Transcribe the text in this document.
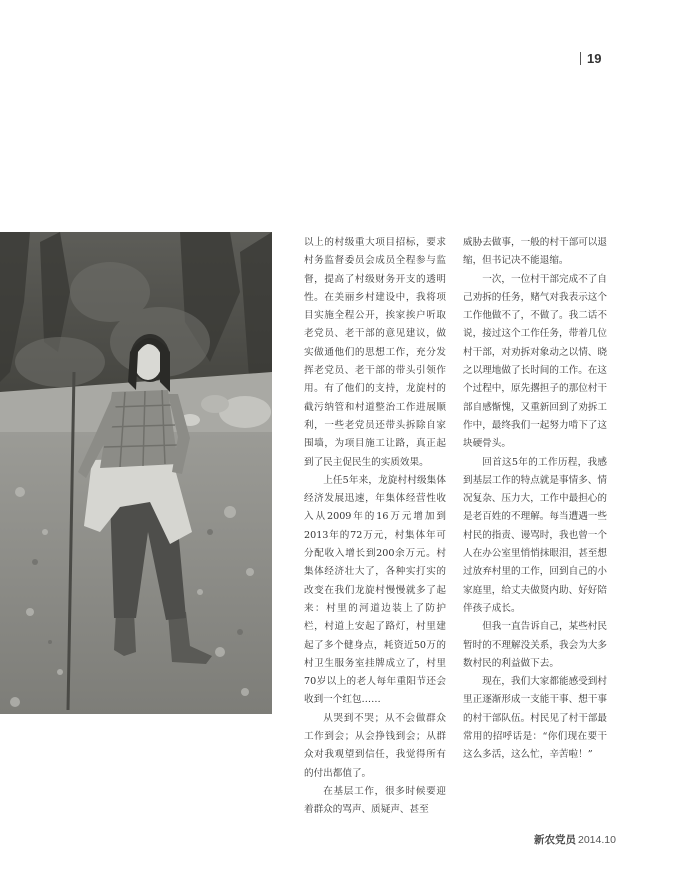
19

以上的村级重大项目招标，要求村务监督委员会成员全程参与监督，提高了村级财务开支的透明性。在美丽乡村建设中，我将项目实施全程公开，挨家挨户听取老党员、老干部的意见建议，做实做通他们的思想工作，充分发挥老党员、老干部的带头引领作用。有了他们的支持，龙旋村的截污纳管和村道整治工作进展顺利，一些老党员还带头拆除自家围墙，为项目施工让路，真正起到了民主促民生的实质效果。

上任5年来，龙旋村村级集体经济发展迅速，年集体经营性收入从2009年的16万元增加到2013年的72万元，村集体年可分配收入增长到200余万元。村集体经济壮大了，各种实打实的改变在我们龙旋村慢慢就多了起来：村里的河道边装上了防护栏，村道上安起了路灯，村里建起了多个健身点，耗资近50万的村卫生服务室挂牌成立了，村里70岁以上的老人每年重阳节还会收到一个红包……

从哭到不哭；从不会做群众工作到会；从会挣钱到会；从群众对我观望到信任，我觉得所有的付出都值了。

在基层工作，很多时候要迎着群众的骂声、质疑声、甚至

威胁去做事，一般的村干部可以退缩，但书记决不能退缩。

一次，一位村干部完成不了自己劝拆的任务，赌气对我表示这个工作他做不了，不做了。我二话不说，接过这个工作任务，带着几位村干部，对劝拆对象动之以情、晓之以理地做了长时间的工作。在这个过程中，原先撂担子的那位村干部自感惭愧，又重新回到了劝拆工作中，最终我们一起努力啃下了这块硬骨头。

回首这5年的工作历程，我感到基层工作的特点就是事情多、情况复杂、压力大，工作中最担心的是老百姓的不理解。每当遭遇一些村民的指责、谩骂时，我也曾一个人在办公室里悄悄抹眼泪，甚至想过放弃村里的工作，回到自己的小家庭里，给丈夫做贤内助、好好陪伴孩子成长。

但我一直告诉自己，某些村民暂时的不理解没关系，我会为大多数村民的利益做下去。

现在，我们大家都能感受到村里正逐渐形成一支能干事、想干事的村干部队伍。村民见了村干部最常用的招呼话是：“你们现在要干这么多活，这么忙，辛苦啦！”

新农党员 2014.10
